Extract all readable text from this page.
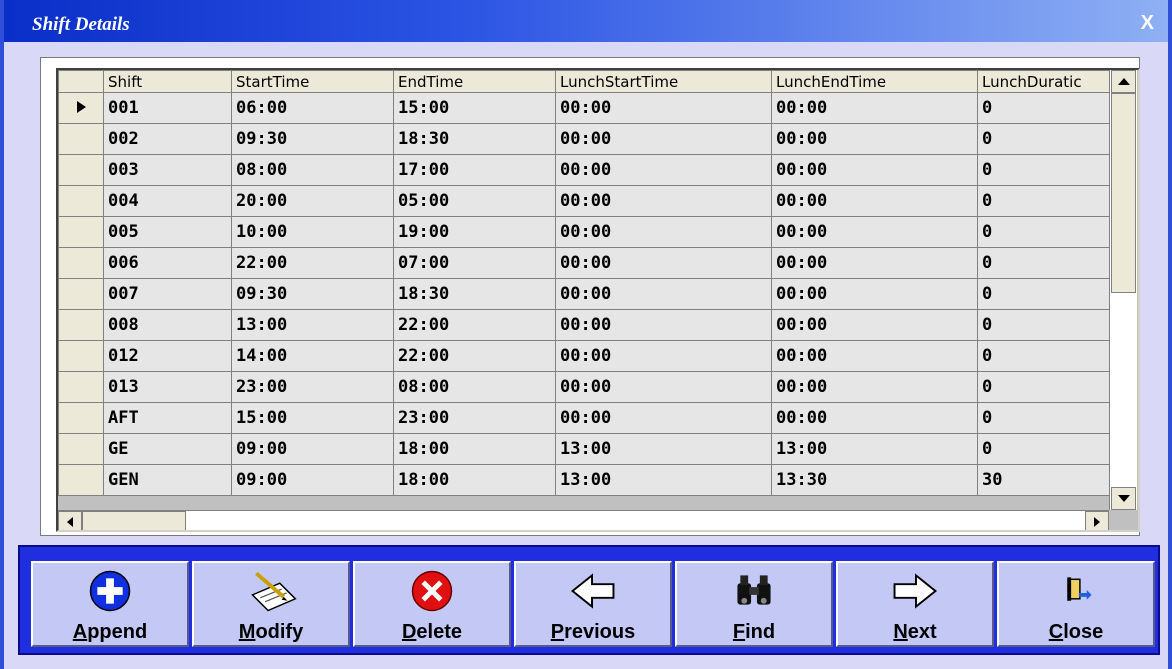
Shift Details	X
	Shift	StartTime	EndTime	LunchStartTime	LunchEndTime	LunchDuratic
	001	06:00	15:00	00:00	00:00	0
	002	09:30	18:30	00:00	00:00	0
	003	08:00	17:00	00:00	00:00	0
	004	20:00	05:00	00:00	00:00	0
	005	10:00	19:00	00:00	00:00	0
	006	22:00	07:00	00:00	00:00	0
	007	09:30	18:30	00:00	00:00	0
	008	13:00	22:00	00:00	00:00	0
	012	14:00	22:00	00:00	00:00	0
	013	23:00	08:00	00:00	00:00	0
	AFT	15:00	23:00	00:00	00:00	0
	GE	09:00	18:00	13:00	13:00	0
	GEN	09:00	18:00	13:00	13:30	30
Append	Modify	Delete	Previous	Find	Next	Close
